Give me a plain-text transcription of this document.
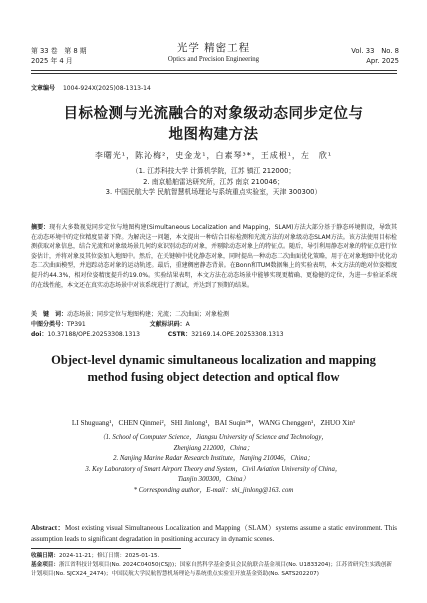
第 33 卷　第 8 期
2025 年 4 月
光学 精密工程
Optics and Precision Engineering
Vol. 33　No. 8
Apr. 2025
文章编号 1004-924X(2025)08-1313-14
目标检测与光流融合的对象级动态同步定位与
地图构建方法
李曙光¹，陈沁梅²，史金龙¹，白素琴³*，王成根¹，左　欣¹
（1. 江苏科技大学 计算机学院，江苏 镇江 212000；
2. 南京船舶雷达研究所，江苏 南京 210046；
3. 中国民航大学 民航智慧机场理论与系统重点实验室，天津 300300）
摘要：现有大多数视觉同步定位与地图构建(Simultaneous Localization and Mapping，SLAM)方法大部分基于静态环境假设，导致其在动态环境中的定位精度显著下降。为解决这一问题，本文提出一种结合目标检测和光流方法的对象级动态SLAM方法。该方法使用目标检测获取对象信息，结合光流和对象级场景几何约束识别动态的对象，并剔除动态对象上的特征点。随后，导引利用静态对象的特征点进行位姿估计，并将对象及其位姿加入地图中。然后，在关键帧中优化静态对象，同时提出一种动态二次曲面优化策略，用于在对象地图中优化动态二次曲面模型，并追踪动态对象的运动轨迹。最后，重建稠密静态背景。在Bonn和TUM数据集上的实验表明，本文方法的绝对位姿精度提升约44.3%，相对位姿精度提升约19.0%。实验结果表明，本文方法在动态场景中能够实现更精确、更稳健的定位，为进一步验证系统的在线性能，本文还在真实动态场景中对该系统进行了测试，并达到了预期的结果。
关　键　词：动态场景；同步定位与地图构建；光流；二次曲面；对象检测
中图分类号：TP391	文献标识码：A
doi：10.37188/OPE.20253308.1313	CSTR：32169.14.OPE.20253308.1313
Object-level dynamic simultaneous localization and mapping
method fusing object detection and optical flow
LI Shuguang¹，CHEN Qinmei²，SHI Jinlong¹，BAI Suqin³*，WANG Chenggen¹，ZHUO Xin¹
（1. School of Computer Science，Jiangsu University of Science and Technology，
Zhenjiang 212000，China；
2. Nanjing Marine Radar Research Institute，Nanjing 210046，China；
3. Key Laboratory of Smart Airport Theory and System，Civil Aviation University of China，
Tianjin 300300，China）
* Corresponding author，E-mail：shi_jinlong@163. com
Abstract：Most existing visual Simultaneous Localization and Mapping（SLAM）systems assume a static environment. This assumption leads to significant degradation in positioning accuracy in dynamic scenes.
收稿日期：2024-11-21；修订日期：2025-01-15.
基金项目：浙江省科技计划项目(No. 2024C04050(CSJ))；国家自然科学基金委员会民航联合基金项目(No. U1833204)；江苏省研究生实践创新计划项目(No. SJCX24_2474)；中国民航大学民航智慧机场理论与系统重点实验室开放基金资助(No. SATS202207)
